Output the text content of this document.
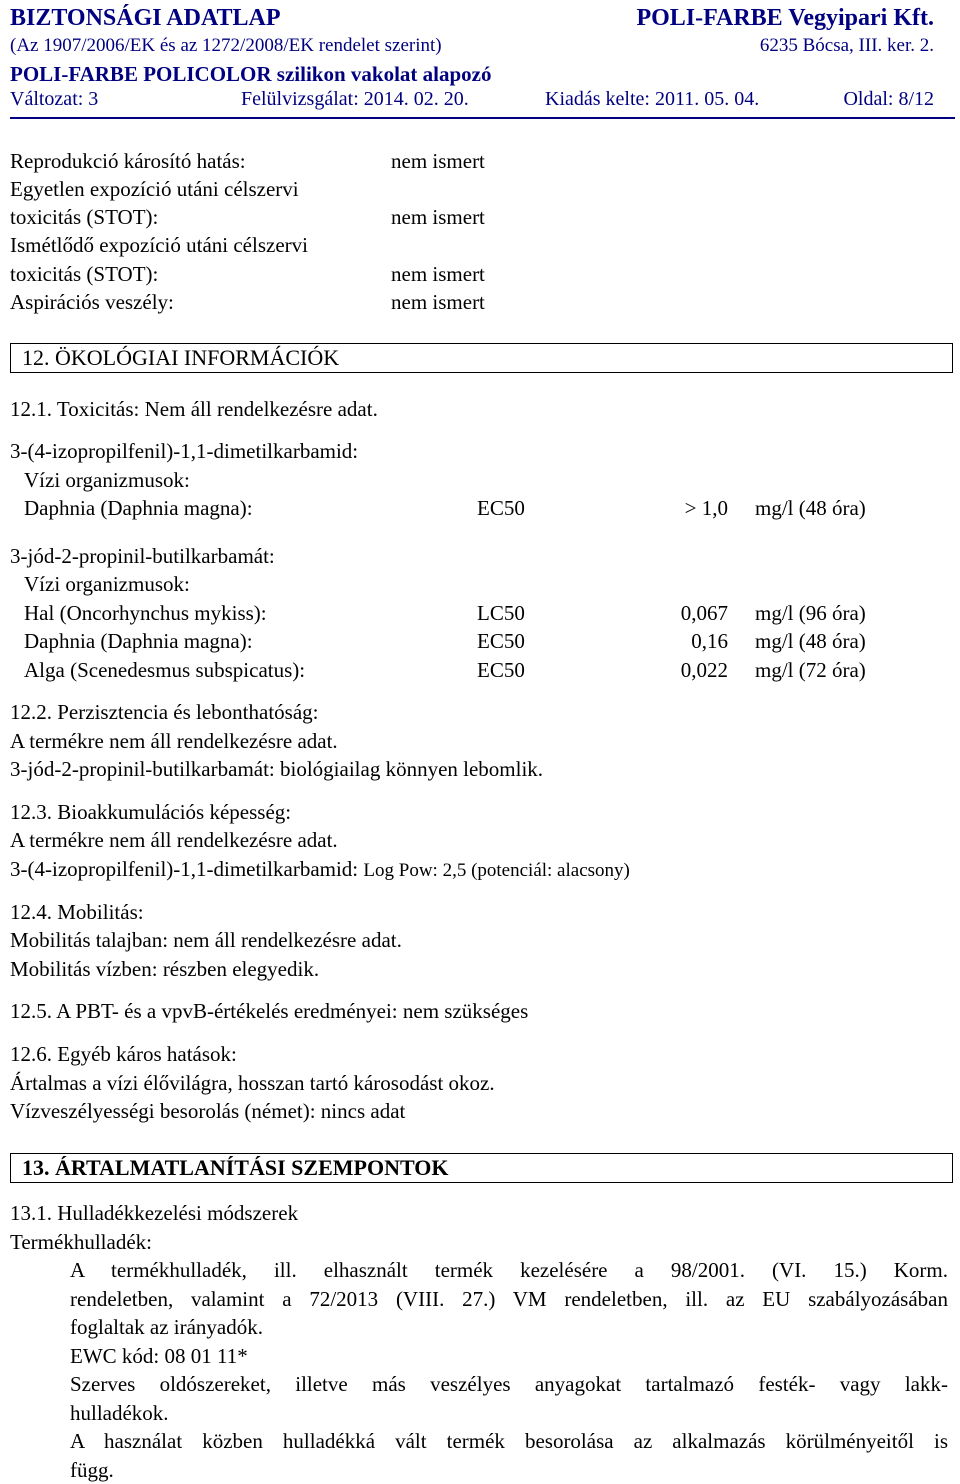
BIZTONSÁGI ADATLAP	POLI-FARBE Vegyipari Kft.
(Az 1907/2006/EK és az 1272/2008/EK rendelet szerint)	6235 Bócsa, III. ker. 2.
POLI-FARBE POLICOLOR szilikon vakolat alapozó
Változat: 3	Felülvizsgálat: 2014. 02. 20.	Kiadás kelte: 2011. 05. 04.	Oldal: 8/12
Reprodukció károsító hatás:	nem ismert
Egyetlen expozíció utáni célszervi
toxicitás (STOT):	nem ismert
Ismétlődő expozíció utáni célszervi
toxicitás (STOT):	nem ismert
Aspirációs veszély:	nem ismert
12. ÖKOLÓGIAI INFORMÁCIÓK
12.1. Toxicitás: Nem áll rendelkezésre adat.
3-(4-izopropilfenil)-1,1-dimetilkarbamid:
Vízi organizmusok:
Daphnia (Daphnia magna):	EC50	> 1,0 mg/l (48 óra)
3-jód-2-propinil-butilkarbamát:
Vízi organizmusok:
Hal (Oncorhynchus mykiss):	LC50	0,067 mg/l (96 óra)
Daphnia (Daphnia magna):	EC50	0,16 mg/l (48 óra)
Alga (Scenedesmus subspicatus):	EC50	0,022 mg/l (72 óra)
12.2. Perzisztencia és lebonthatóság:
A termékre nem áll rendelkezésre adat.
3-jód-2-propinil-butilkarbamát: biológiailag könnyen lebomlik.
12.3. Bioakkumulációs képesség:
A termékre nem áll rendelkezésre adat.
3-(4-izopropilfenil)-1,1-dimetilkarbamid: Log Pow: 2,5 (potenciál: alacsony)
12.4. Mobilitás:
Mobilitás talajban: nem áll rendelkezésre adat.
Mobilitás vízben: részben elegyedik.
12.5. A PBT- és a vpvB-értékelés eredményei: nem szükséges
12.6. Egyéb káros hatások:
Ártalmas a vízi élővilágra, hosszan tartó károsodást okoz.
Vízveszélyességi besorolás (német): nincs adat
13. ÁRTALMATLANÍTÁSI SZEMPONTOK
13.1. Hulladékkezelési módszerek
Termékhulladék:
A termékhulladék, ill. elhasznált termék kezelésére a 98/2001. (VI. 15.) Korm.
rendeletben, valamint a 72/2013 (VIII. 27.) VM rendeletben, ill. az EU szabályozásában
foglaltak az irányadók.
EWC kód: 08 01 11*
Szerves oldószereket, illetve más veszélyes anyagokat tartalmazó festék- vagy lakk-
hulladékok.
A használat közben hulladékká vált termék besorolása az alkalmazás körülményeitől is
függ.
